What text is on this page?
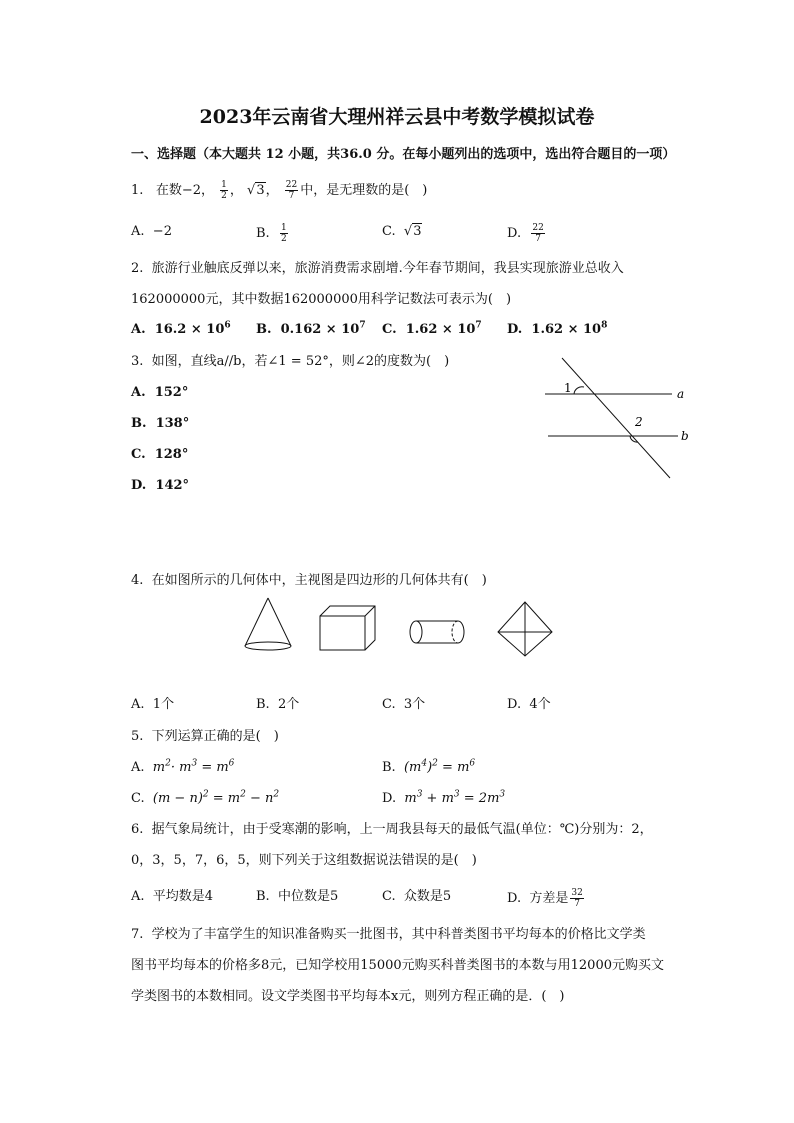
2023年云南省大理州祥云县中考数学模拟试卷
一、选择题（本大题共 12 小题，共36.0 分。在每小题列出的选项中，选出符合题目的一项）
1. 在数−2， $\frac{1}{2}$ ， √3， $\frac{22}{7}$ 中，是无理数的是(　)
A. −2	B. $\frac{1}{2}$	C. √3	D. $\frac{22}{7}$
2. 旅游行业触底反弹以来，旅游消费需求剧增.今年春节期间，我县实现旅游业总收入
162000000元，其中数据162000000用科学记数法可表示为(　)
A. $16.2 \times 10^6$ B. $0.162 \times 10^7$ C. $1.62 \times 10^7$ D. $1.62 \times 10^8$
3. 如图，直线a//b，若∠1 = 52°，则∠2的度数为(　)
A. 152°
B. 138°
C. 128°
D. 142°
1
2
a
b
4. 在如图所示的几何体中，主视图是四边形的几何体共有(　)
A. 1个	B. 2个	C. 3个	D. 4个
5. 下列运算正确的是(　)
A. $m^2\cdot m^3 = m^6$	B. $(m^4)^2 = m^6$
C. $(m - n)^2 = m^2 - n^2$	D. $m^3 + m^3 = 2m^3$
6. 据气象局统计，由于受寒潮的影响，上一周我县每天的最低气温(单位：℃)分别为：2，
0，3，5，7，6，5，则下列关于这组数据说法错误的是(　)
A. 平均数是4	B. 中位数是5	C. 众数是5	D. 方差是 $\frac{32}{7}$
7. 学校为了丰富学生的知识准备购买一批图书，其中科普类图书平均每本的价格比文学类
图书平均每本的价格多8元，已知学校用15000元购买科普类图书的本数与用12000元购买文
学类图书的本数相同。设文学类图书平均每本x元，则列方程正确的是．(　)
